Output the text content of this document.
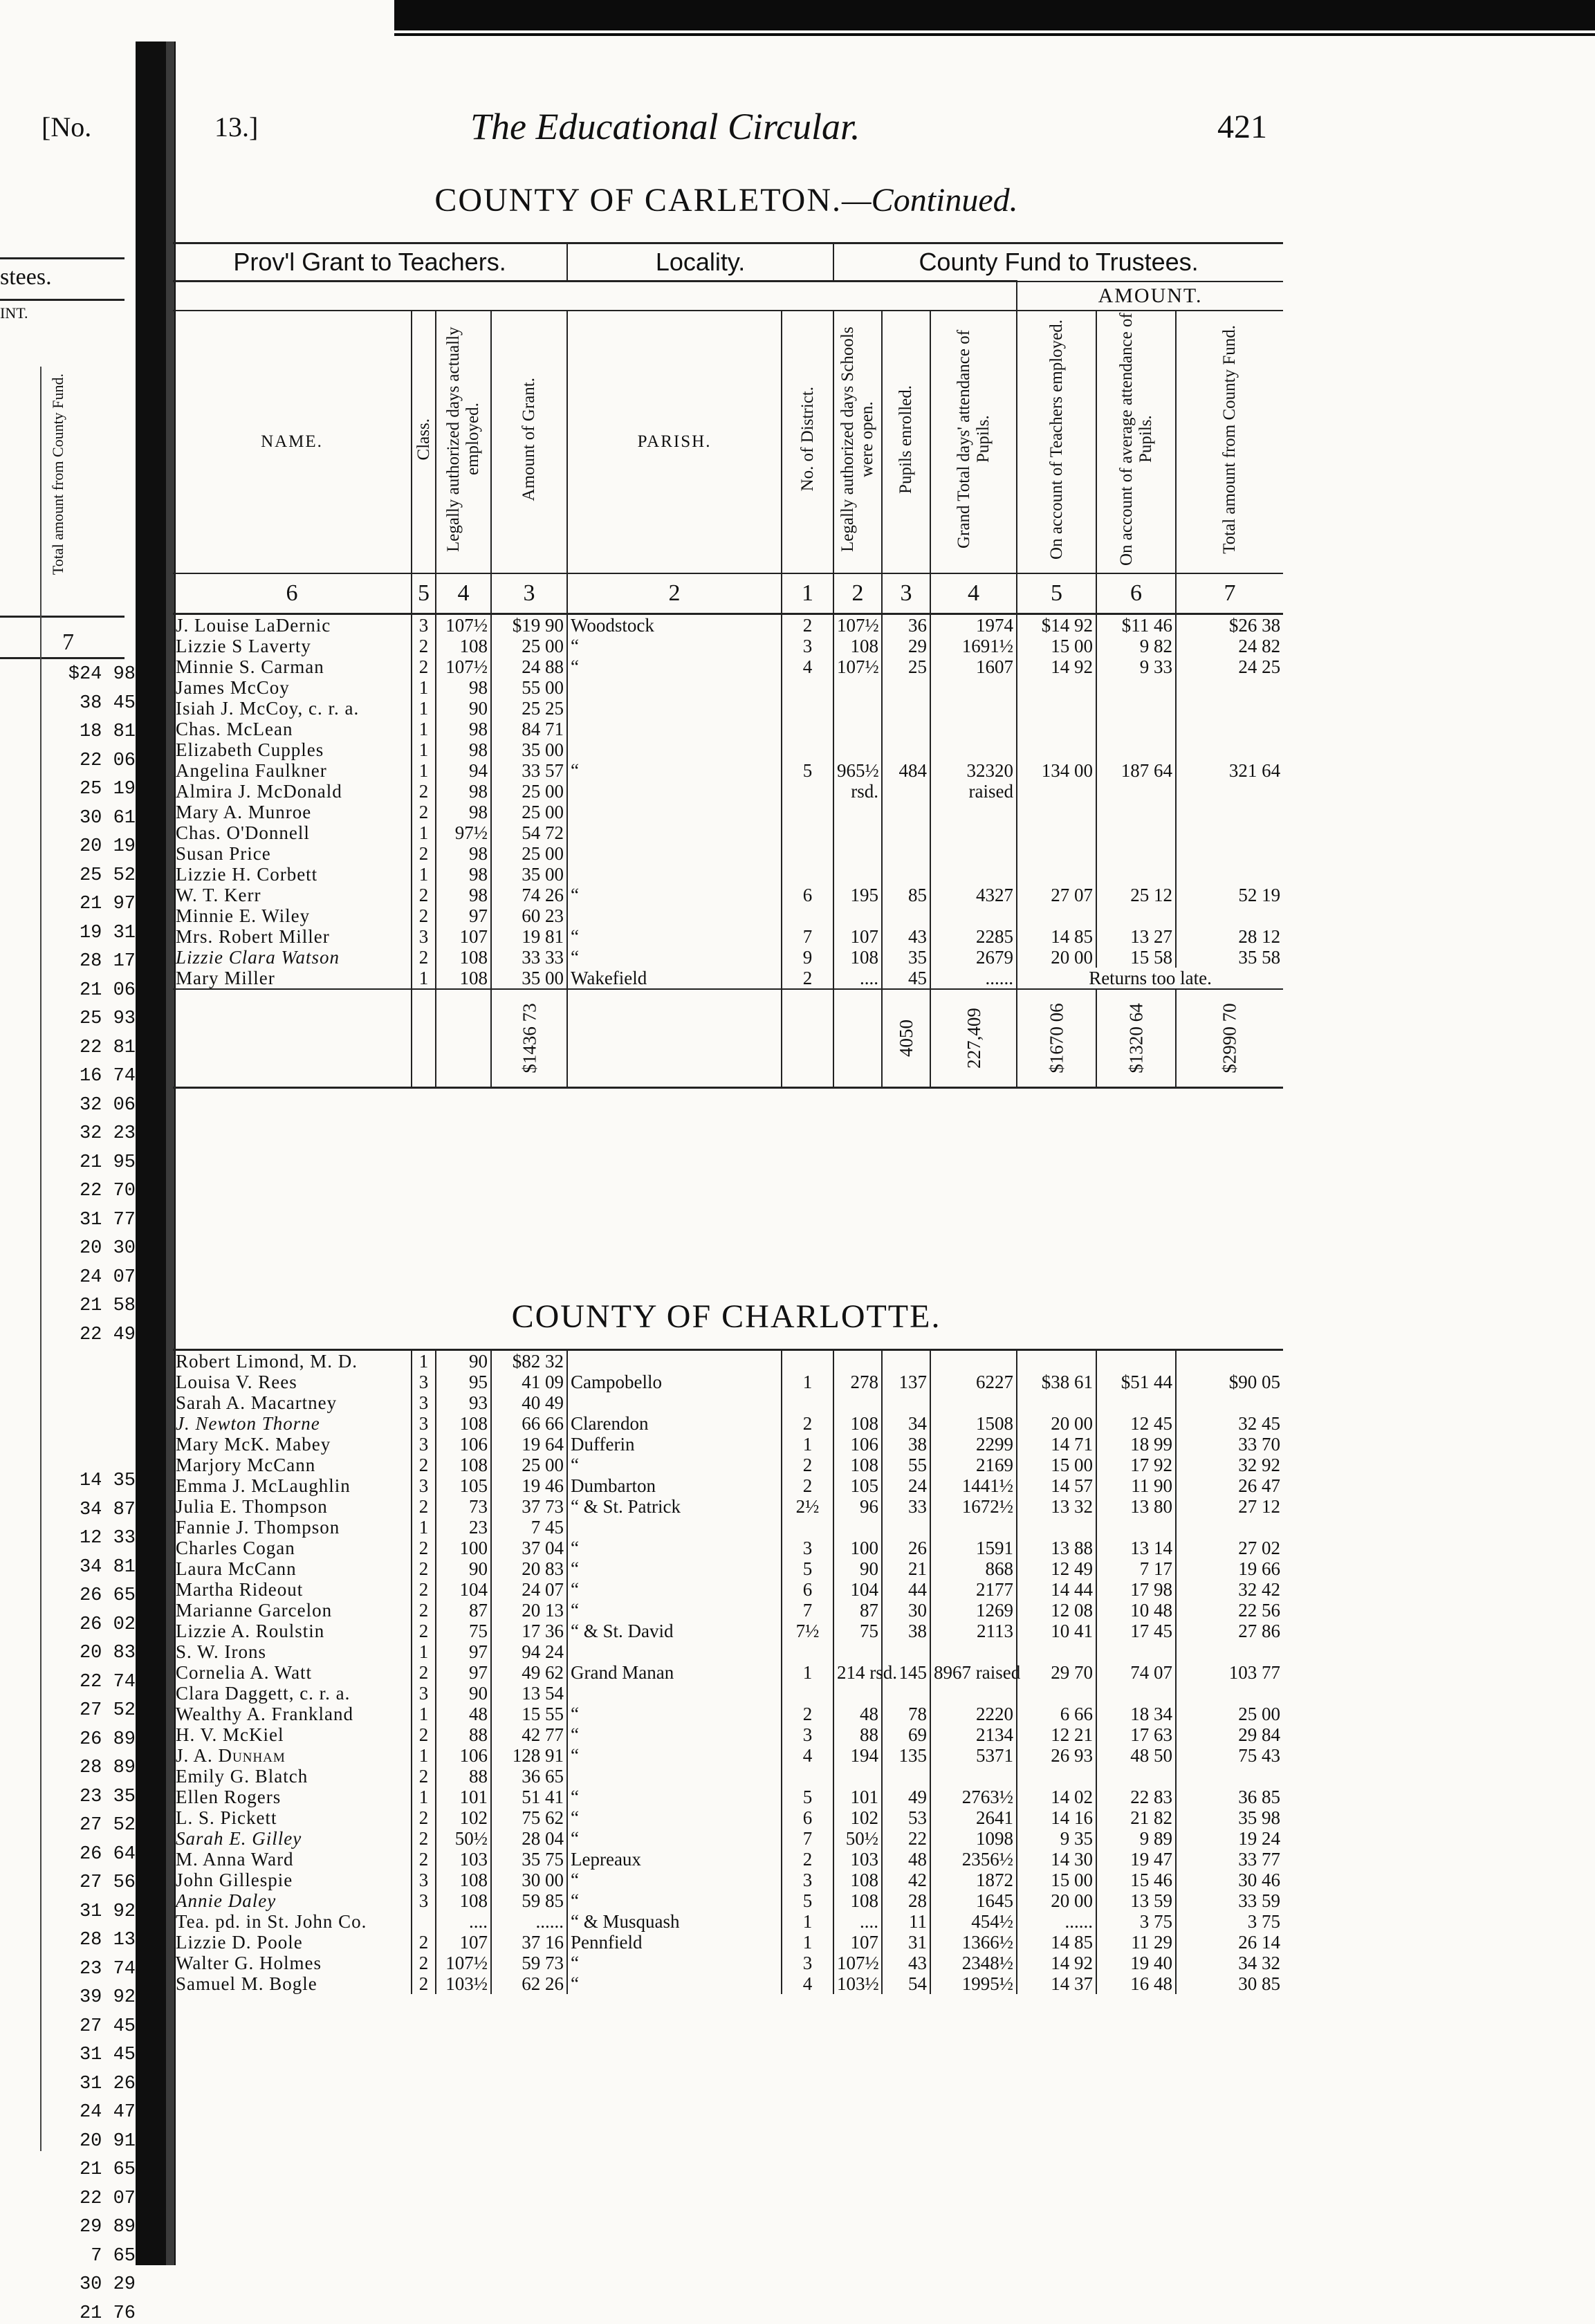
stees.
INT.
Total amount from County Fund.
7
$24 98
38 45
18 81
22 06
25 19
30 61
20 19
25 52
21 97
19 31
28 17
21 06
25 93
22 81
16 74
32 06
32 23
21 95
22 70
31 77
20 30
24 07
21 58
22 49
14 35
34 87
12 33
34 81
26 65
26 02
20 83
22 74
27 52
26 89
28 89
23 35
27 52
26 64
27 56
31 92
28 13
23 74
39 92
27 45
31 45
31 26
24 47
20 91
21 65
22 07
29 89
7 65
30 29
21 76
[No.	13.]	The Educational Circular.	421
COUNTY OF CARLETON.—Continued.
Prov'l Grant to Teachers.				Locality.		County Fund to Trustees.					
									AMOUNT.		
NAME.	Class.	Legally authorized days actually employed.	Amount of Grant.	PARISH.	No. of District.	Legally authorized days Schools were open.	Pupils enrolled.	Grand Total days' attendance of Pupils.	On account of Teachers employed.	On account of average attendance of Pupils.	Total amount from County Fund.
6	5	4	3	2	1	2	3	4	5	6	7
J. Louise LaDernic	3	107½	$19 90	Woodstock	2	107½	36	1974	$14 92	$11 46	$26 38
Lizzie S Laverty	2	108	25 00	“	3	108	29	1691½	15 00	9 82	24 82
Minnie S. Carman	2	107½	24 88	“	4	107½	25	1607	14 92	9 33	24 25
James McCoy	1	98	55 00								
Isiah J. McCoy, c. r. a.	1	90	25 25								
Chas. McLean	1	98	84 71								
Elizabeth Cupples	1	98	35 00								
Angelina Faulkner	1	94	33 57	“	5	965½	484	32320	134 00	187 64	321 64
Almira J. McDonald	2	98	25 00			rsd.		raised			
Mary A. Munroe	2	98	25 00								
Chas. O'Donnell	1	97½	54 72								
Susan Price	2	98	25 00								
Lizzie H. Corbett	1	98	35 00								
W. T. Kerr	2	98	74 26	“	6	195	85	4327	27 07	25 12	52 19
Minnie E. Wiley	2	97	60 23								
Mrs. Robert Miller	3	107	19 81	“	7	107	43	2285	14 85	13 27	28 12
Lizzie Clara Watson	2	108	33 33	“	9	108	35	2679	20 00	15 58	35 58
Mary Miller	1	108	35 00	Wakefield	2	....	45	......	Returns too late.		
			$1436 73				4050	227,409	$1670 06	$1320 64	$2990 70
COUNTY OF CHARLOTTE.
Robert Limond, M. D.	1	90	$82 32								
Louisa V. Rees	3	95	41 09	Campobello	1	278	137	6227	$38 61	$51 44	$90 05
Sarah A. Macartney	3	93	40 49								
J. Newton Thorne	3	108	66 66	Clarendon	2	108	34	1508	20 00	12 45	32 45
Mary McK. Mabey	3	106	19 64	Dufferin	1	106	38	2299	14 71	18 99	33 70
Marjory McCann	2	108	25 00	“	2	108	55	2169	15 00	17 92	32 92
Emma J. McLaughlin	3	105	19 46	Dumbarton	2	105	24	1441½	14 57	11 90	26 47
Julia E. Thompson	2	73	37 73	“ & St. Patrick	2½	96	33	1672½	13 32	13 80	27 12
Fannie J. Thompson	1	23	7 45								
Charles Cogan	2	100	37 04	“	3	100	26	1591	13 88	13 14	27 02
Laura McCann	2	90	20 83	“	5	90	21	868	12 49	7 17	19 66
Martha Rideout	2	104	24 07	“	6	104	44	2177	14 44	17 98	32 42
Marianne Garcelon	2	87	20 13	“	7	87	30	1269	12 08	10 48	22 56
Lizzie A. Roulstin	2	75	17 36	“ & St. David	7½	75	38	2113	10 41	17 45	27 86
S. W. Irons	1	97	94 24								
Cornelia A. Watt	2	97	49 62	Grand Manan	1	214 rsd.	145	8967 raised	29 70	74 07	103 77
Clara Daggett, c. r. a.	3	90	13 54								
Wealthy A. Frankland	1	48	15 55	“	2	48	78	2220	6 66	18 34	25 00
H. V. McKiel	2	88	42 77	“	3	88	69	2134	12 21	17 63	29 84
J. A. Dunham	1	106	128 91	“	4	194	135	5371	26 93	48 50	75 43
Emily G. Blatch	2	88	36 65								
Ellen Rogers	1	101	51 41	“	5	101	49	2763½	14 02	22 83	36 85
L. S. Pickett	2	102	75 62	“	6	102	53	2641	14 16	21 82	35 98
Sarah E. Gilley	2	50½	28 04	“	7	50½	22	1098	9 35	9 89	19 24
M. Anna Ward	2	103	35 75	Lepreaux	2	103	48	2356½	14 30	19 47	33 77
John Gillespie	3	108	30 00	“	3	108	42	1872	15 00	15 46	30 46
Annie Daley	3	108	59 85	“	5	108	28	1645	20 00	13 59	33 59
Tea. pd. in St. John Co.		....	......	“ & Musquash	1	....	11	454½	......	3 75	3 75
Lizzie D. Poole	2	107	37 16	Pennfield	1	107	31	1366½	14 85	11 29	26 14
Walter G. Holmes	2	107½	59 73	“	3	107½	43	2348½	14 92	19 40	34 32
Samuel M. Bogle	2	103½	62 26	“	4	103½	54	1995½	14 37	16 48	30 85
